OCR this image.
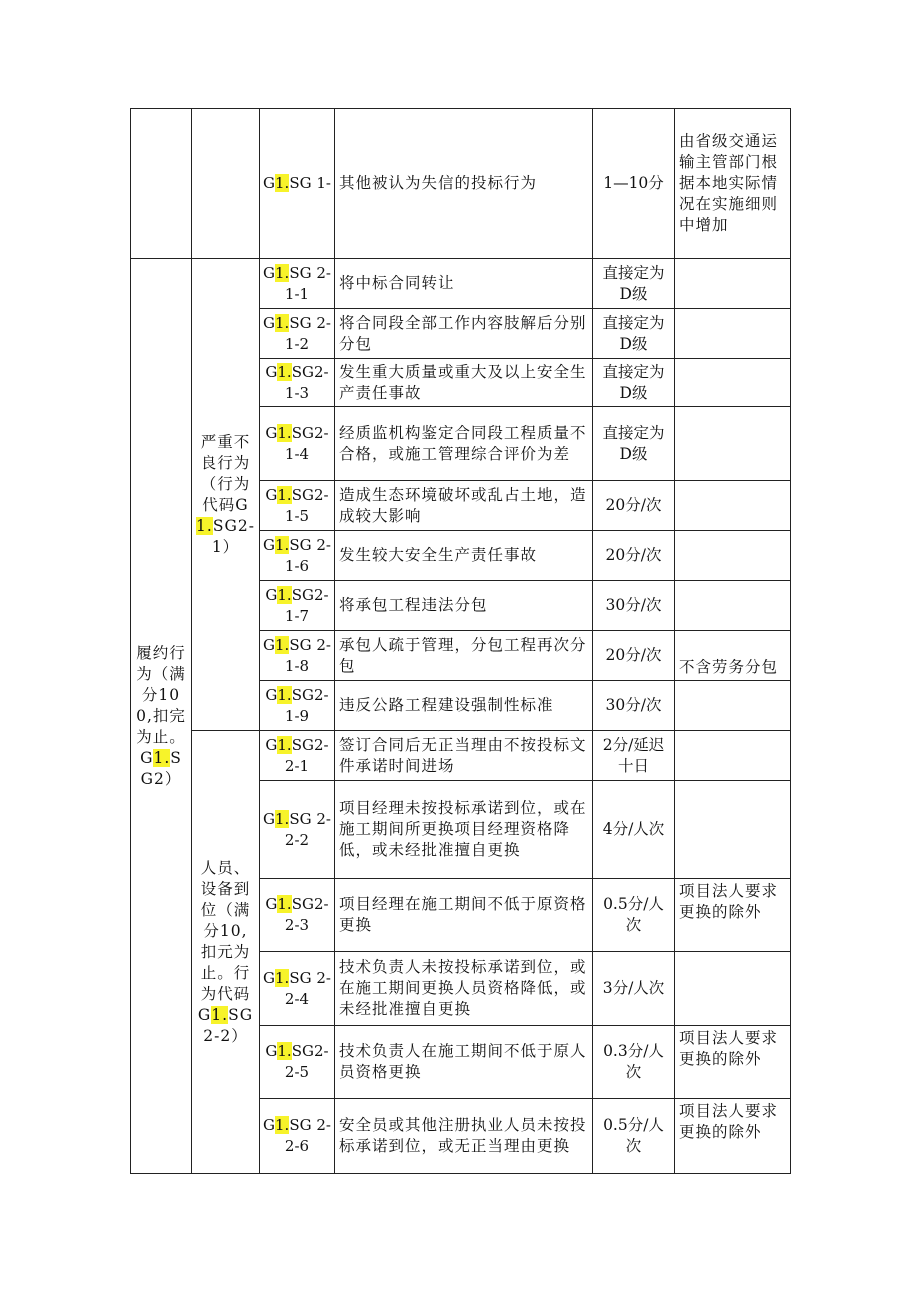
		G1.SG 1-	其他被认为失信的投标行为	1—10分	由省级交通运输主管部门根据本地实际情况在实施细则中增加
履约行为（满分100,扣完为止。G1.SG2）	严重不良行为（行为代码G1.SG2-1）	G1.SG 2-1-1	将中标合同转让	直接定为D级	
		G1.SG 2-1-2	将合同段全部工作内容肢解后分别分包	直接定为D级	
		G1.SG2-1-3	发生重大质量或重大及以上安全生产责任事故	直接定为D级	
		G1.SG2-1-4	经质监机构鉴定合同段工程质量不合格，或施工管理综合评价为差	直接定为D级	
		G1.SG2-1-5	造成生态环境破坏或乱占土地，造成较大影响	20分/次	
		G1.SG 2-1-6	发生较大安全生产责任事故	20分/次	
		G1.SG2-1-7	将承包工程违法分包	30分/次	
		G1.SG 2-1-8	承包人疏于管理，分包工程再次分包	20分/次	不含劳务分包
		G1.SG2-1-9	违反公路工程建设强制性标准	30分/次	
	人员、设备到位（满分10,扣元为止。行为代码G1.SG2-2）	G1.SG2-2-1	签订合同后无正当理由不按投标文件承诺时间进场	2分/延迟十日	
		G1.SG 2-2-2	项目经理未按投标承诺到位，或在施工期间所更换项目经理资格降低，或未经批准擅自更换	4分/人次	
		G1.SG2-2-3	项目经理在施工期间不低于原资格更换	0.5分/人次	项目法人要求更换的除外
		G1.SG 2-2-4	技术负责人未按投标承诺到位，或在施工期间更换人员资格降低，或未经批准擅自更换	3分/人次	
		G1.SG2-2-5	技术负责人在施工期间不低于原人员资格更换	0.3分/人次	项目法人要求更换的除外
		G1.SG 2-2-6	安全员或其他注册执业人员未按投标承诺到位，或无正当理由更换	0.5分/人次	项目法人要求更换的除外
